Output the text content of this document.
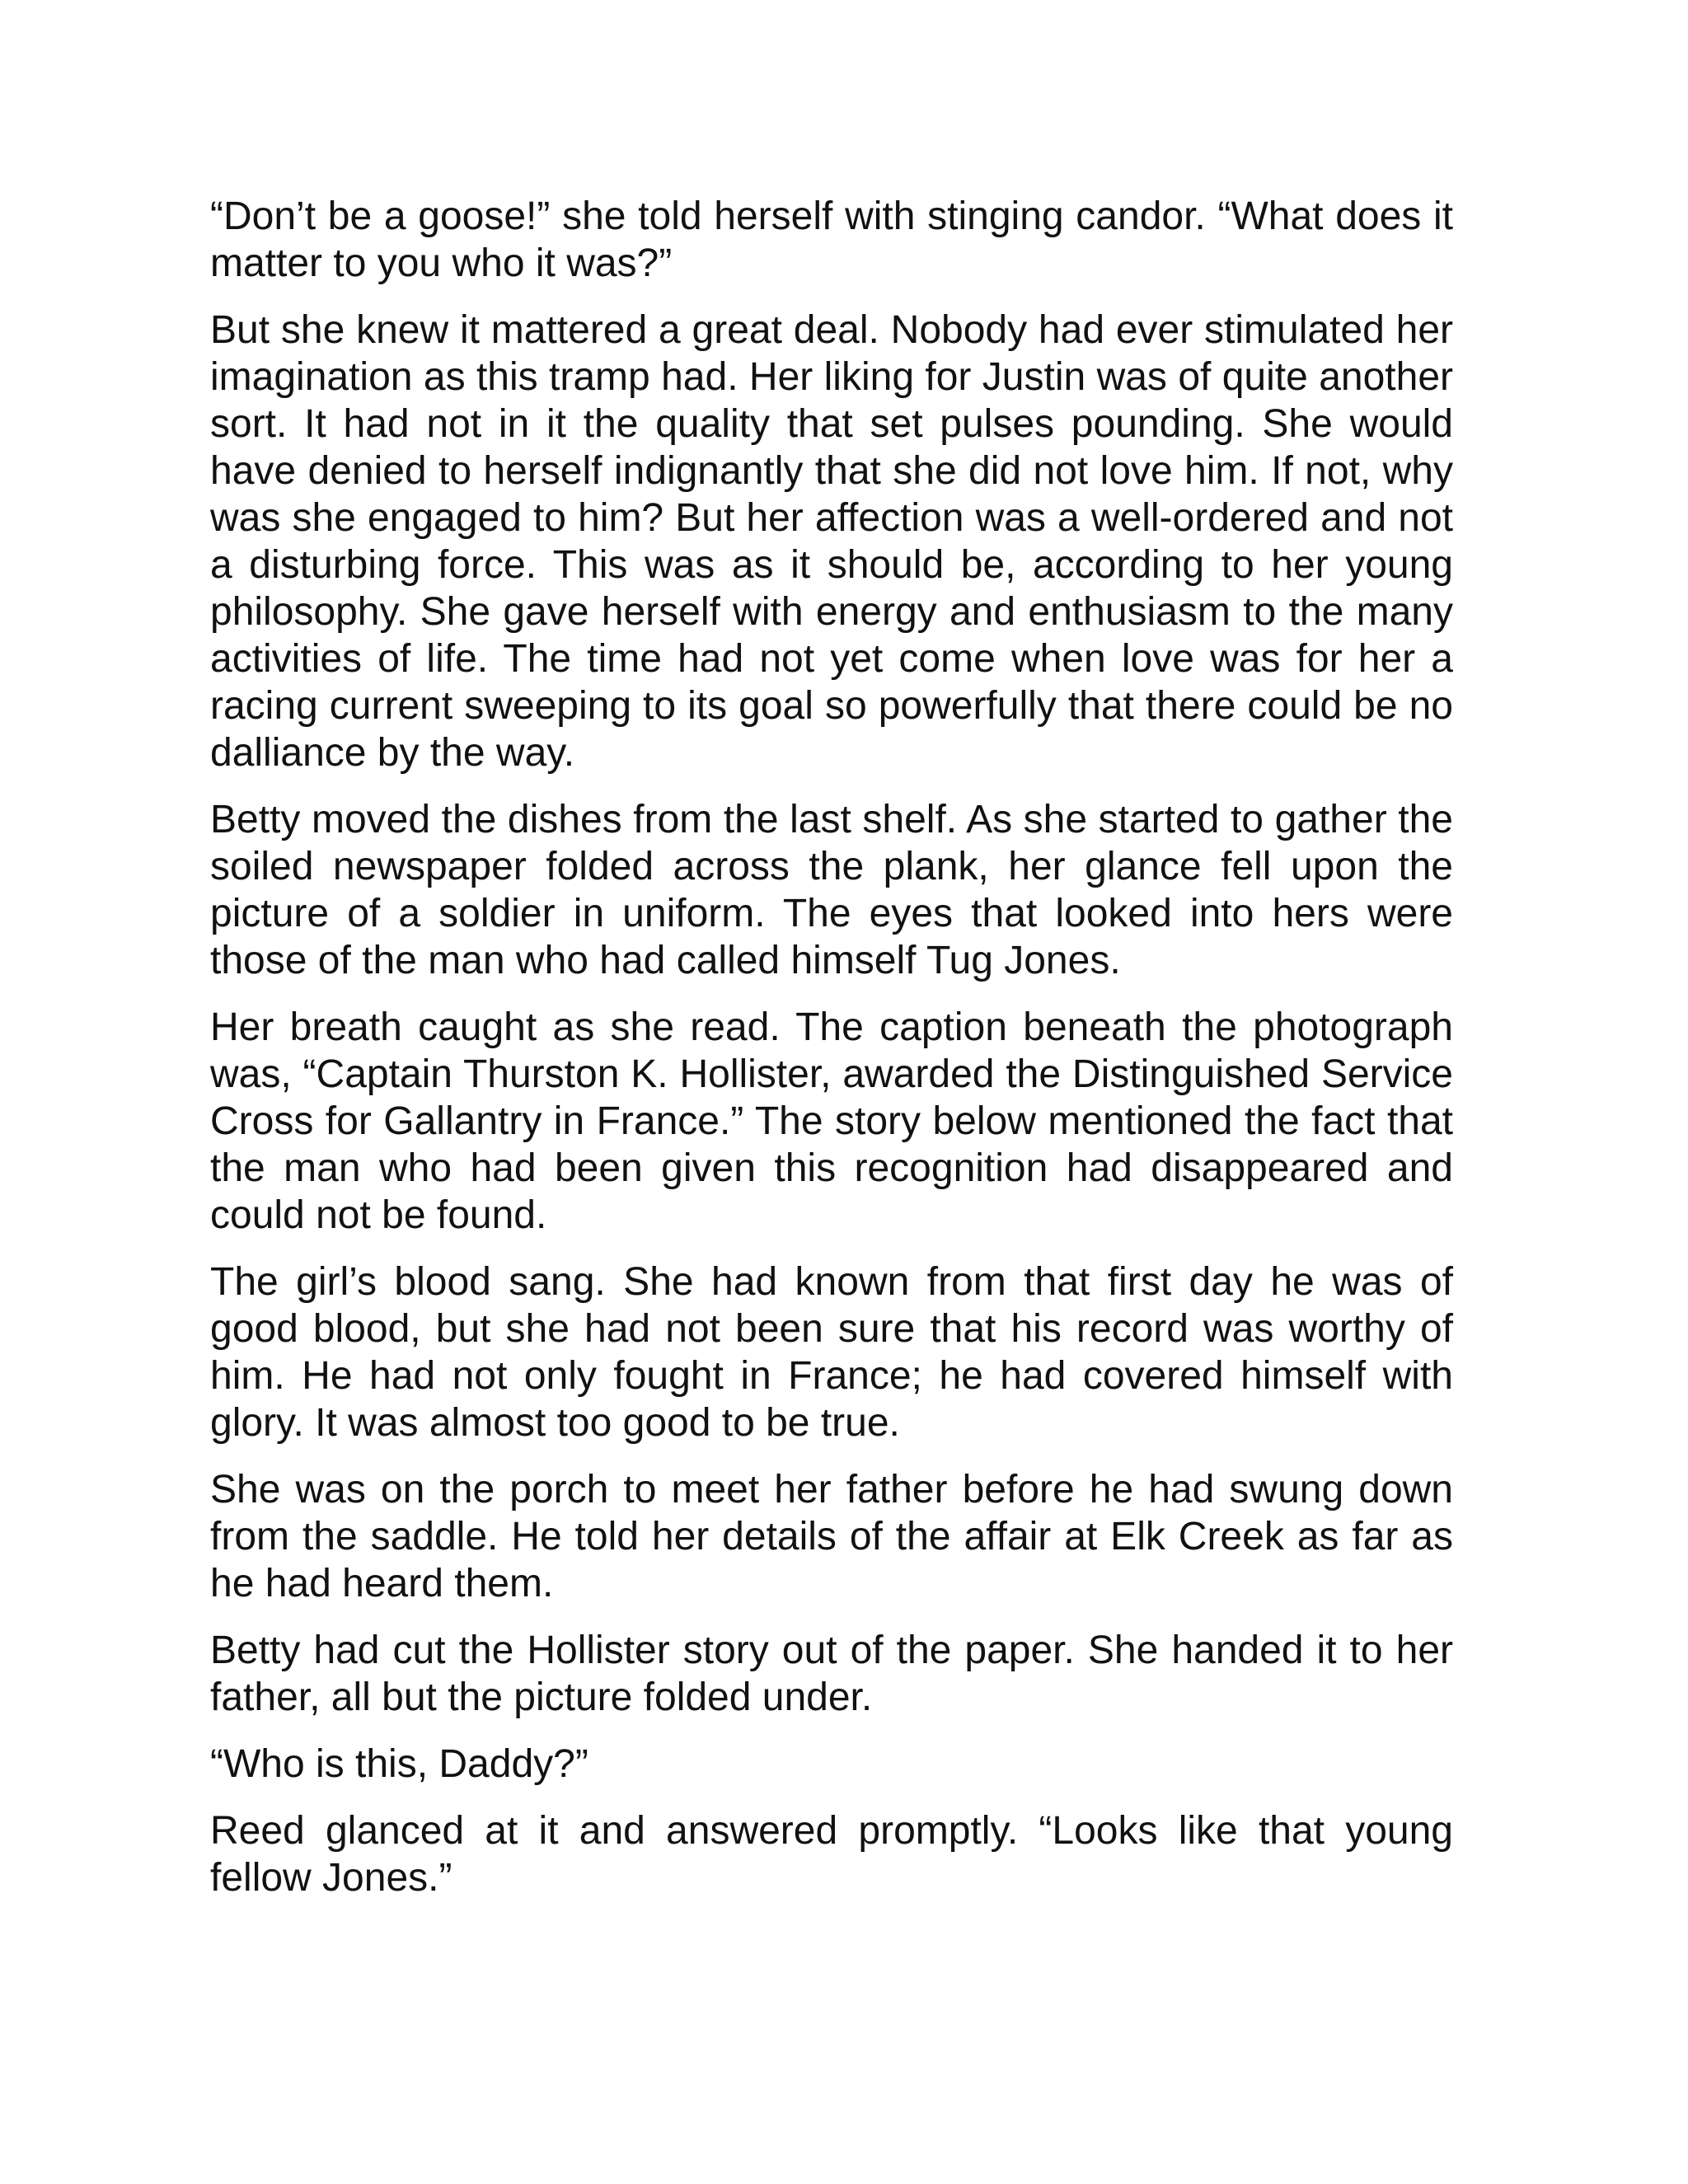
“Don’t be a goose!” she told herself with stinging candor. “What does it matter to you who it was?”

But she knew it mattered a great deal. Nobody had ever stimulated her imagination as this tramp had. Her liking for Justin was of quite another sort. It had not in it the quality that set pulses pounding. She would have denied to herself indignantly that she did not love him. If not, why was she engaged to him? But her affection was a well-ordered and not a disturbing force. This was as it should be, according to her young philosophy. She gave herself with energy and enthusiasm to the many activities of life. The time had not yet come when love was for her a racing current sweeping to its goal so powerfully that there could be no dalliance by the way.

Betty moved the dishes from the last shelf. As she started to gather the soiled newspaper folded across the plank, her glance fell upon the picture of a soldier in uniform. The eyes that looked into hers were those of the man who had called himself Tug Jones.

Her breath caught as she read. The caption beneath the photograph was, “Captain Thurston K. Hollister, awarded the Distinguished Service Cross for Gallantry in France.” The story below mentioned the fact that the man who had been given this recognition had disappeared and could not be found.

The girl’s blood sang. She had known from that first day he was of good blood, but she had not been sure that his record was worthy of him. He had not only fought in France; he had covered himself with glory. It was almost too good to be true.

She was on the porch to meet her father before he had swung down from the saddle. He told her details of the affair at Elk Creek as far as he had heard them.

Betty had cut the Hollister story out of the paper. She handed it to her father, all but the picture folded under.

“Who is this, Daddy?”

Reed glanced at it and answered promptly. “Looks like that young fellow Jones.”
